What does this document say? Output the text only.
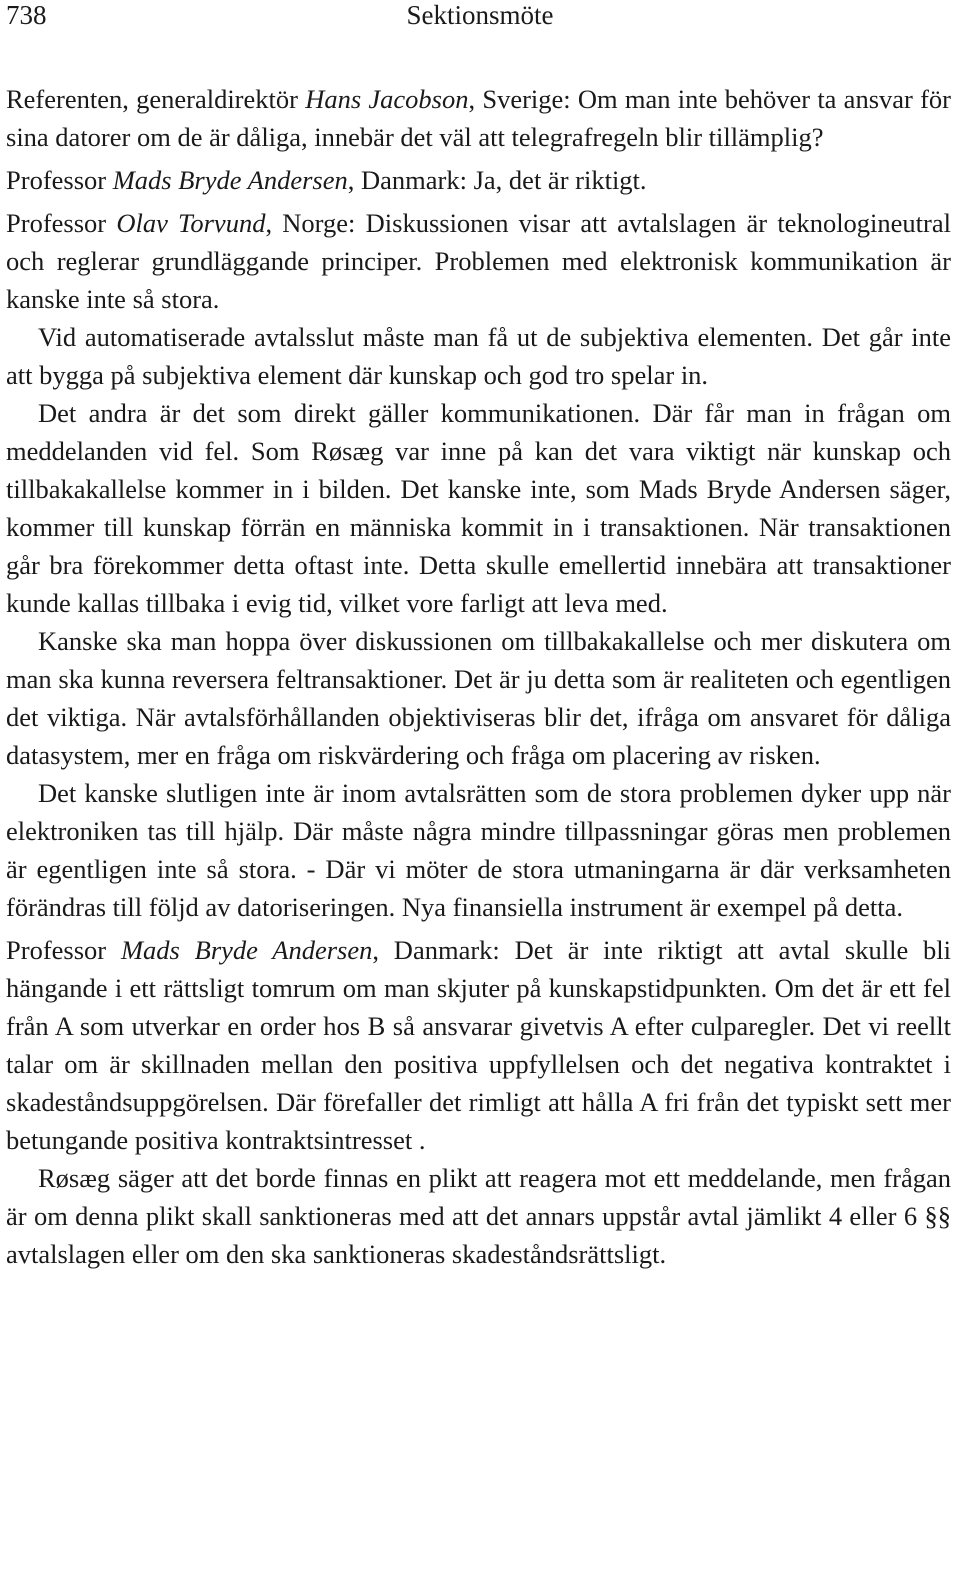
738	Sektionsmöte

Referenten, generaldirektör Hans Jacobson, Sverige: Om man inte behöver ta ansvar för sina datorer om de är dåliga, innebär det väl att telegrafregeln blir tillämplig?

Professor Mads Bryde Andersen, Danmark: Ja, det är riktigt.

Professor Olav Torvund, Norge: Diskussionen visar att avtalslagen är teknologineutral och reglerar grundläggande principer. Problemen med elektronisk kommunikation är kanske inte så stora.

Vid automatiserade avtalsslut måste man få ut de subjektiva elementen. Det går inte att bygga på subjektiva element där kunskap och god tro spelar in.

Det andra är det som direkt gäller kommunikationen. Där får man in frågan om meddelanden vid fel. Som Røsæg var inne på kan det vara viktigt när kunskap och tillbakakallelse kommer in i bilden. Det kanske inte, som Mads Bryde Andersen säger, kommer till kunskap förrän en människa kommit in i transaktionen. När transaktionen går bra förekommer detta oftast inte. Detta skulle emellertid innebära att transaktioner kunde kallas tillbaka i evig tid, vilket vore farligt att leva med.

Kanske ska man hoppa över diskussionen om tillbakakallelse och mer diskutera om man ska kunna reversera feltransaktioner. Det är ju detta som är realiteten och egentligen det viktiga. När avtalsförhållanden objektiviseras blir det, ifråga om ansvaret för dåliga datasystem, mer en fråga om riskvärdering och fråga om placering av risken.

Det kanske slutligen inte är inom avtalsrätten som de stora problemen dyker upp när elektroniken tas till hjälp. Där måste några mindre tillpassningar göras men problemen är egentligen inte så stora. - Där vi möter de stora utmaningarna är där verksamheten förändras till följd av datoriseringen. Nya finansiella instrument är exempel på detta.

Professor Mads Bryde Andersen, Danmark: Det är inte riktigt att avtal skulle bli hängande i ett rättsligt tomrum om man skjuter på kunskapstidpunkten. Om det är ett fel från A som utverkar en order hos B så ansvarar givetvis A efter culparegler. Det vi reellt talar om är skillnaden mellan den positiva uppfyllelsen och det negativa kontraktet i skadeståndsuppgörelsen. Där förefaller det rimligt att hålla A fri från det typiskt sett mer betungande positiva kontraktsintresset .

Røsæg säger att det borde finnas en plikt att reagera mot ett meddelande, men frågan är om denna plikt skall sanktioneras med att det annars uppstår avtal jämlikt 4 eller 6 §§ avtalslagen eller om den ska sanktioneras skadeståndsrättsligt.
